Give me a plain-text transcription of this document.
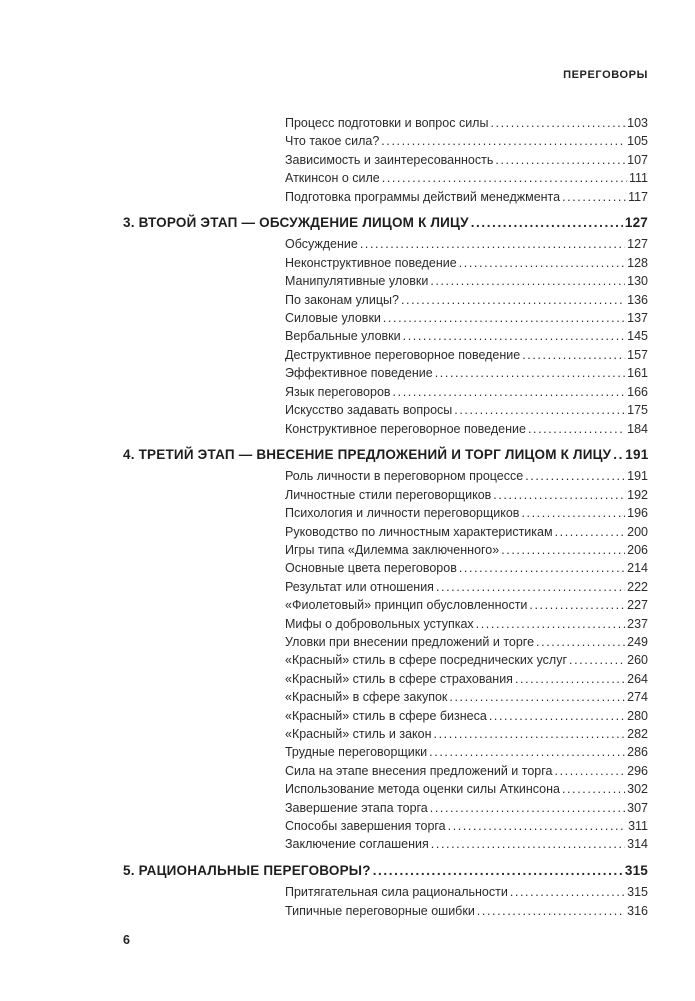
ПЕРЕГОВОРЫ
Процесс подготовки и вопрос силы .....	103
Что такое сила? .....	105
Зависимость и заинтересованность .....	107
Аткинсон о силе .....	111
Подготовка программы действий менеджмента .....	117
3. ВТОРОЙ ЭТАП — ОБСУЖДЕНИЕ ЛИЦОМ К ЛИЦУ .....	127
Обсуждение .....	127
Неконструктивное поведение .....	128
Манипулятивные уловки .....	130
По законам улицы? .....	136
Силовые уловки .....	137
Вербальные уловки .....	145
Деструктивное переговорное поведение .....	157
Эффективное поведение .....	161
Язык переговоров .....	166
Искусство задавать вопросы .....	175
Конструктивное переговорное поведение .....	184
4. ТРЕТИЙ ЭТАП — ВНЕСЕНИЕ ПРЕДЛОЖЕНИЙ И ТОРГ ЛИЦОМ К ЛИЦУ ..... 191
Роль личности в переговорном процессе .....	191
Личностные стили переговорщиков .....	192
Психология и личности переговорщиков .....	196
Руководство по личностным характеристикам .....	200
Игры типа «Дилемма заключенного» .....	206
Основные цвета переговоров .....	214
Результат или отношения .....	222
«Фиолетовый» принцип обусловленности .....	227
Мифы о добровольных уступках .....	237
Уловки при внесении предложений и торге .....	249
«Красный» стиль в сфере посреднических услуг .....	260
«Красный» стиль в сфере страхования .....	264
«Красный» в сфере закупок .....	274
«Красный» стиль в сфере бизнеса .....	280
«Красный» стиль и закон .....	282
Трудные переговорщики .....	286
Сила на этапе внесения предложений и торга .....	296
Использование метода оценки силы Аткинсона .....	302
Завершение этапа торга .....	307
Способы завершения торга .....	311
Заключение соглашения .....	314
5. РАЦИОНАЛЬНЫЕ ПЕРЕГОВОРЫ? .....	315
Притягательная сила рациональности .....	315
Типичные переговорные ошибки .....	316
6
